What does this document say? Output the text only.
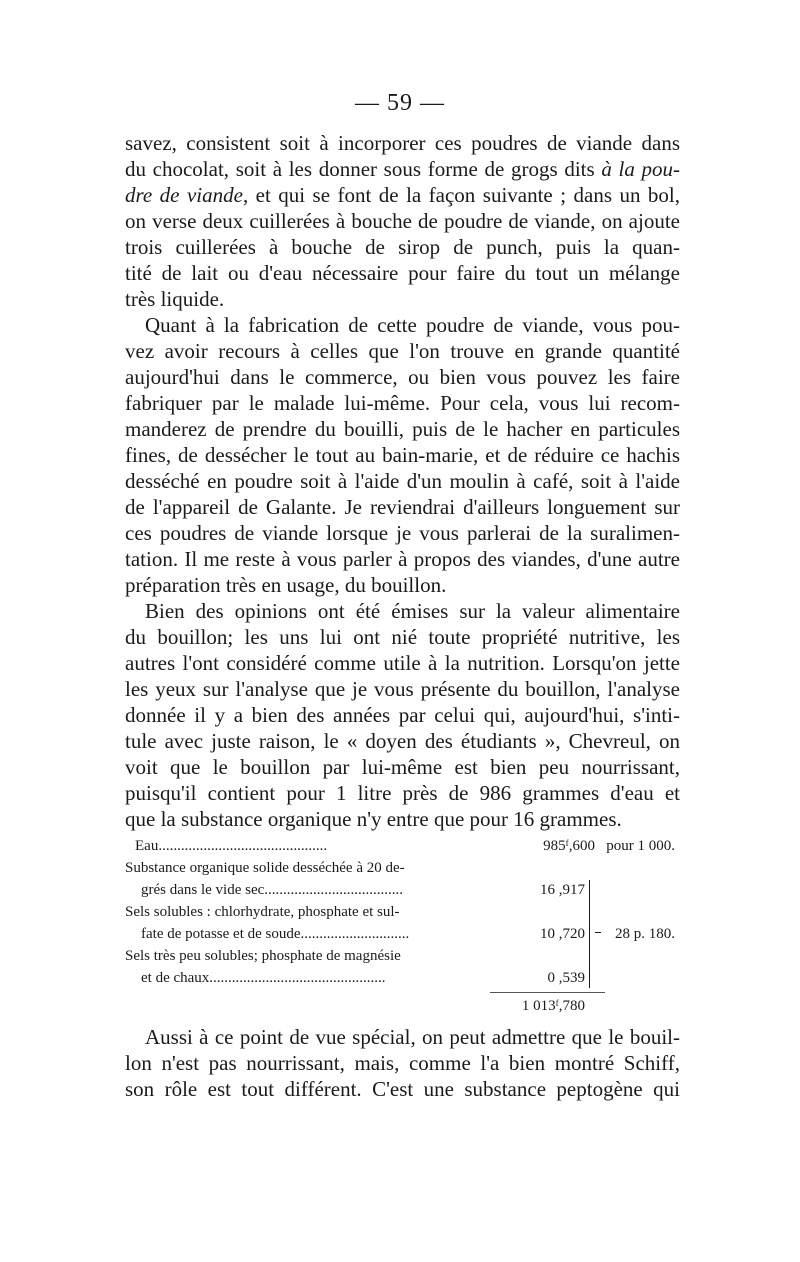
— 59 —
savez, consistent soit à incorporer ces poudres de viande dans
du chocolat, soit à les donner sous forme de grogs dits à la pou-
dre de viande, et qui se font de la façon suivante ; dans un bol,
on verse deux cuillerées à bouche de poudre de viande, on ajoute
trois cuillerées à bouche de sirop de punch, puis la quan-
tité de lait ou d'eau nécessaire pour faire du tout un mélange
très liquide.
Quant à la fabrication de cette poudre de viande, vous pou-
vez avoir recours à celles que l'on trouve en grande quantité
aujourd'hui dans le commerce, ou bien vous pouvez les faire
fabriquer par le malade lui-même. Pour cela, vous lui recom-
manderez de prendre du bouilli, puis de le hacher en particules
fines, de dessécher le tout au bain-marie, et de réduire ce hachis
desséché en poudre soit à l'aide d'un moulin à café, soit à l'aide
de l'appareil de Galante. Je reviendrai d'ailleurs longuement sur
ces poudres de viande lorsque je vous parlerai de la suralimen-
tation. Il me reste à vous parler à propos des viandes, d'une autre
préparation très en usage, du bouillon.
Bien des opinions ont été émises sur la valeur alimentaire
du bouillon; les uns lui ont nié toute propriété nutritive, les
autres l'ont considéré comme utile à la nutrition. Lorsqu'on jette
les yeux sur l'analyse que je vous présente du bouillon, l'analyse
donnée il y a bien des années par celui qui, aujourd'hui, s'inti-
tule avec juste raison, le « doyen des étudiants », Chevreul, on
voit que le bouillon par lui-même est bien peu nourrissant,
puisqu'il contient pour 1 litre près de 986 grammes d'eau et
que la substance organique n'y entre que pour 16 grammes.
Eau.............................................	985ᶠ,600 pour 1 000.
Substance organique solide desséchée à 20 de-
grés dans le vide sec.....................................	16 ,917
Sels solubles : chlorhydrate, phosphate et sul-
fate de potasse et de soude.............................	10 ,720	28 p. 180.
Sels très peu solubles; phosphate de magnésie
et de chaux...............................................	0 ,539
1 013ᶠ,780
Aussi à ce point de vue spécial, on peut admettre que le bouil-
lon n'est pas nourrissant, mais, comme l'a bien montré Schiff,
son rôle est tout différent. C'est une substance peptogène qui
